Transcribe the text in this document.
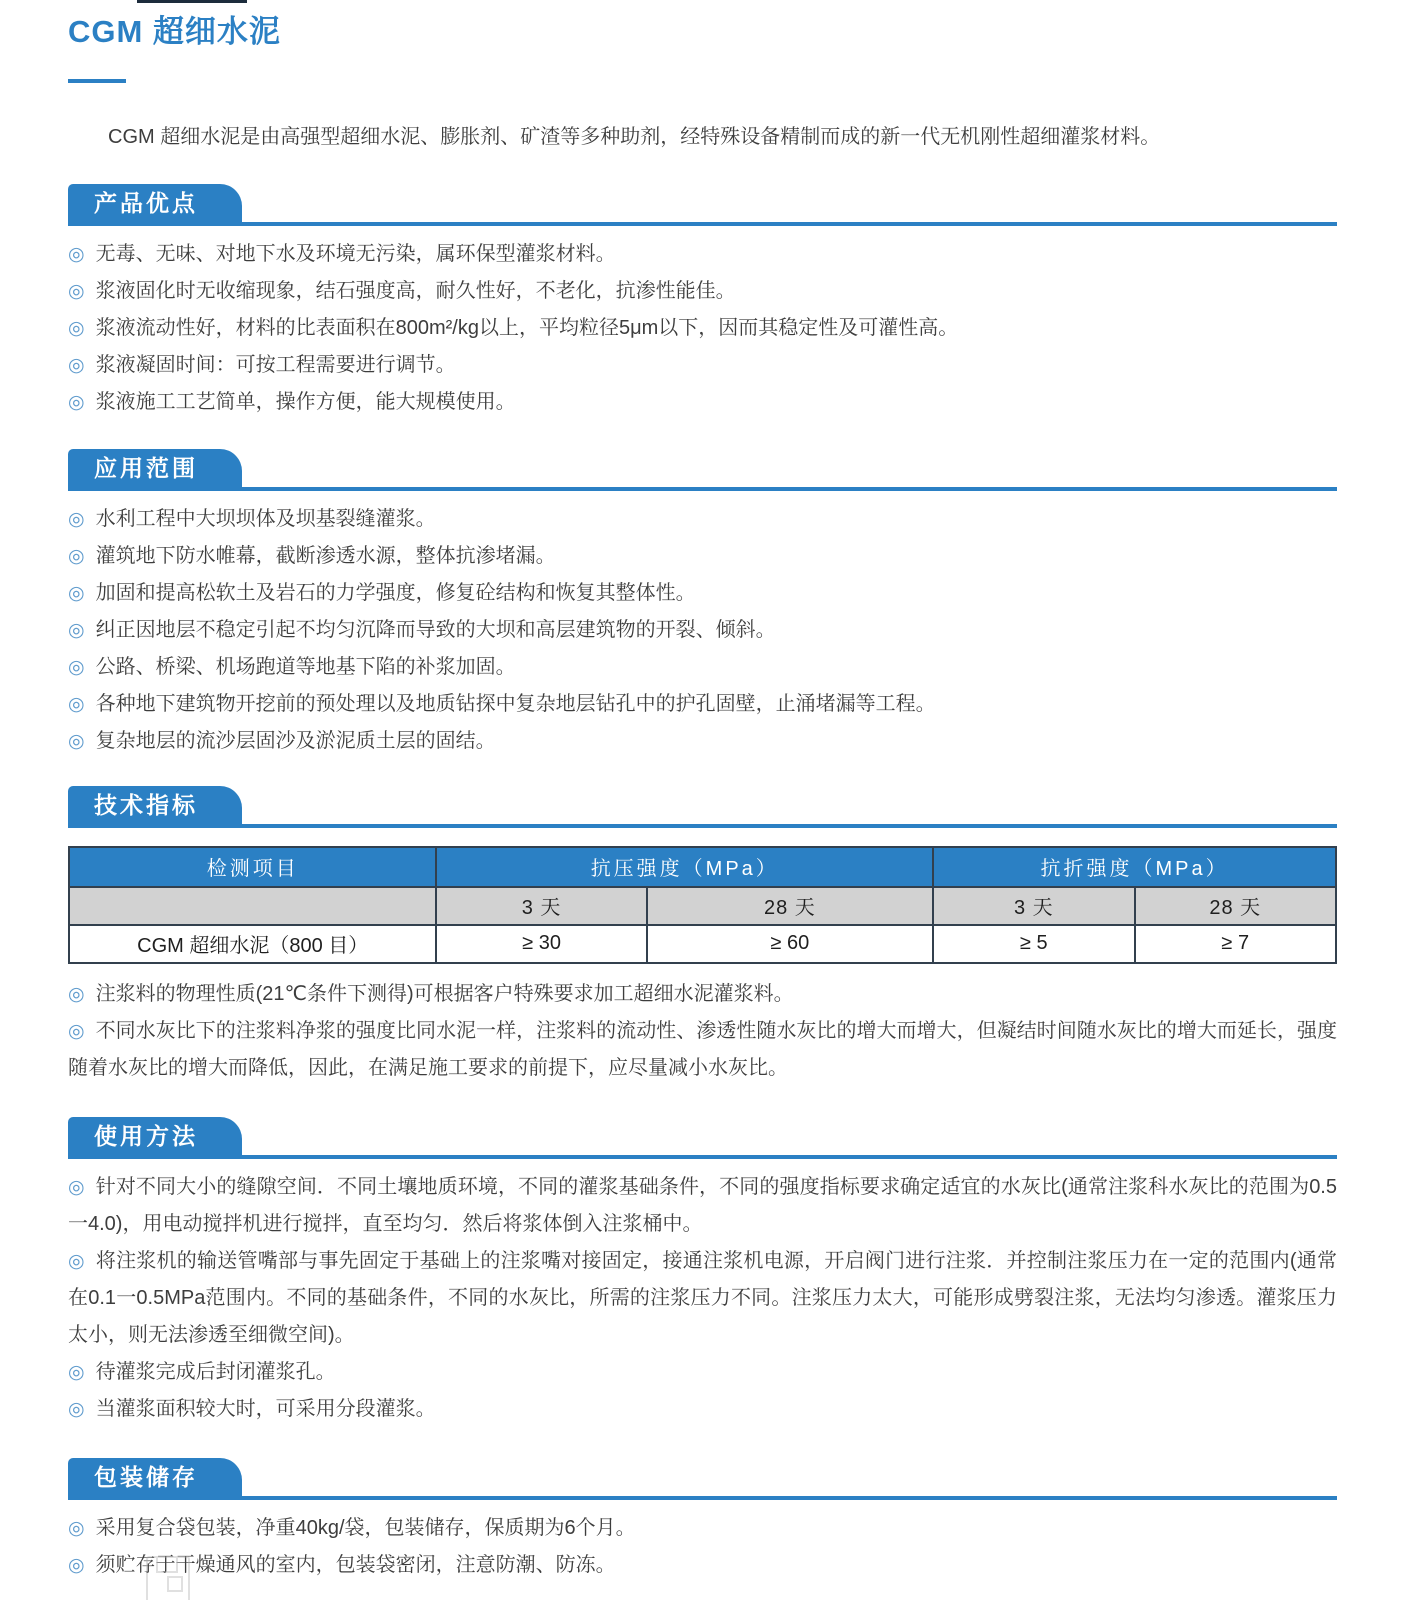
CGM 超细水泥

CGM 超细水泥是由高强型超细水泥、膨胀剂、矿渣等多种助剂，经特殊设备精制而成的新一代无机刚性超细灌浆材料。

产品优点
◎ 无毒、无味、对地下水及环境无污染，属环保型灌浆材料。
◎ 浆液固化时无收缩现象，结石强度高，耐久性好，不老化，抗渗性能佳。
◎ 浆液流动性好，材料的比表面积在800m²/kg以上，平均粒径5μm以下，因而其稳定性及可灌性高。
◎ 浆液凝固时间：可按工程需要进行调节。
◎ 浆液施工工艺简单，操作方便，能大规模使用。
应用范围
◎ 水利工程中大坝坝体及坝基裂缝灌浆。
◎ 灌筑地下防水帷幕，截断渗透水源，整体抗渗堵漏。
◎ 加固和提高松软土及岩石的力学强度，修复砼结构和恢复其整体性。
◎ 纠正因地层不稳定引起不均匀沉降而导致的大坝和高层建筑物的开裂、倾斜。
◎ 公路、桥梁、机场跑道等地基下陷的补浆加固。
◎ 各种地下建筑物开挖前的预处理以及地质钻探中复杂地层钻孔中的护孔固壁，止涌堵漏等工程。
◎ 复杂地层的流沙层固沙及淤泥质土层的固结。
技术指标
检测项目	抗压强度（MPa）		抗折强度（MPa）	
	3 天	28 天	3 天	28 天
CGM 超细水泥（800 目）	≥ 30	≥ 60	≥ 5	≥ 7
◎ 注浆料的物理性质(21℃条件下测得)可根据客户特殊要求加工超细水泥灌浆料。
◎ 不同水灰比下的注浆料净浆的强度比同水泥一样，注浆料的流动性、渗透性随水灰比的增大而增大，但凝结时间随水灰比的增大而延长，强度随着水灰比的增大而降低，因此，在满足施工要求的前提下，应尽量减小水灰比。
使用方法
◎ 针对不同大小的缝隙空间．不同土壤地质环境，不同的灌浆基础条件，不同的强度指标要求确定适宜的水灰比(通常注浆科水灰比的范围为0.5一4.0)，用电动搅拌机进行搅拌，直至均匀．然后将浆体倒入注浆桶中。
◎ 将注浆机的输送管嘴部与事先固定于基础上的注浆嘴对接固定，接通注浆机电源，开启阀门进行注浆．并控制注浆压力在一定的范围内(通常在0.1一0.5MPa范围内。不同的基础条件，不同的水灰比，所需的注浆压力不同。注浆压力太大，可能形成劈裂注浆，无法均匀渗透。灌浆压力太小，则无法渗透至细微空间)。
◎ 待灌浆完成后封闭灌浆孔。
◎ 当灌浆面积较大时，可采用分段灌浆。
包装储存
◎ 采用复合袋包装，净重40kg/袋，包装储存，保质期为6个月。
◎ 须贮存于干燥通风的室内，包装袋密闭，注意防潮、防冻。
